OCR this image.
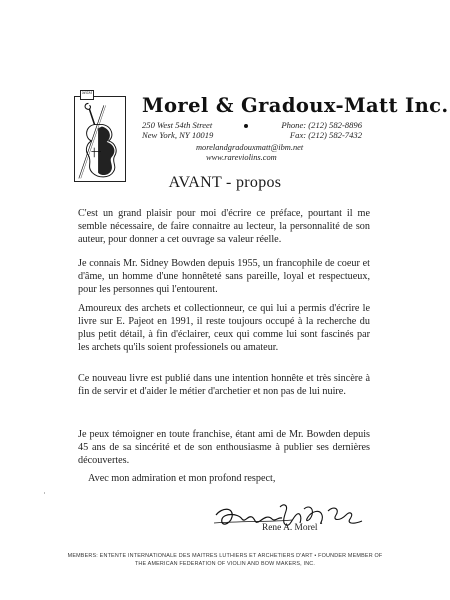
MGM
Morel & Gradoux-Matt Inc.
250 West 54th Street
New York, NY 10019
Phone: (212) 582-8896
Fax: (212) 582-7432
morelandgradouxmatt@ibm.net
www.rareviolins.com
AVANT - propos

C'est un grand plaisir pour moi d'écrire ce préface, pourtant il me semble nécessaire, de faire connaitre au lecteur, la personnalité de son auteur, pour donner a cet ouvrage sa valeur réelle.

Je connais Mr. Sidney Bowden depuis 1955, un francophile de coeur et d'âme, un homme d'une honnêteté sans pareille, loyal et respectueux, pour les personnes qui l'entourent.

Amoureux des archets et collectionneur, ce qui lui a permis d'écrire le livre sur E. Pajeot en 1991, il reste toujours occupé à la recherche du plus petit détail, à fin d'éclairer, ceux qui comme lui sont fascinés par les archets qu'ils soient professionels ou amateur.

Ce nouveau livre est publié dans une intention honnête et très sincère à fin de servir et d'aider le métier d'archetier et non pas de lui nuire.

Je peux témoigner en toute franchise, étant ami de Mr. Bowden depuis 45 ans de sa sincérité et de son enthousiasme à publier ses dernières découvertes.

Avec mon admiration et mon profond respect,

Rene A. Morel
MEMBERS: ENTENTE INTERNATIONALE DES MAITRES LUTHIERS ET ARCHETIERS D'ART • FOUNDER MEMBER OF
THE AMERICAN FEDERATION OF VIOLIN AND BOW MAKERS, INC.
